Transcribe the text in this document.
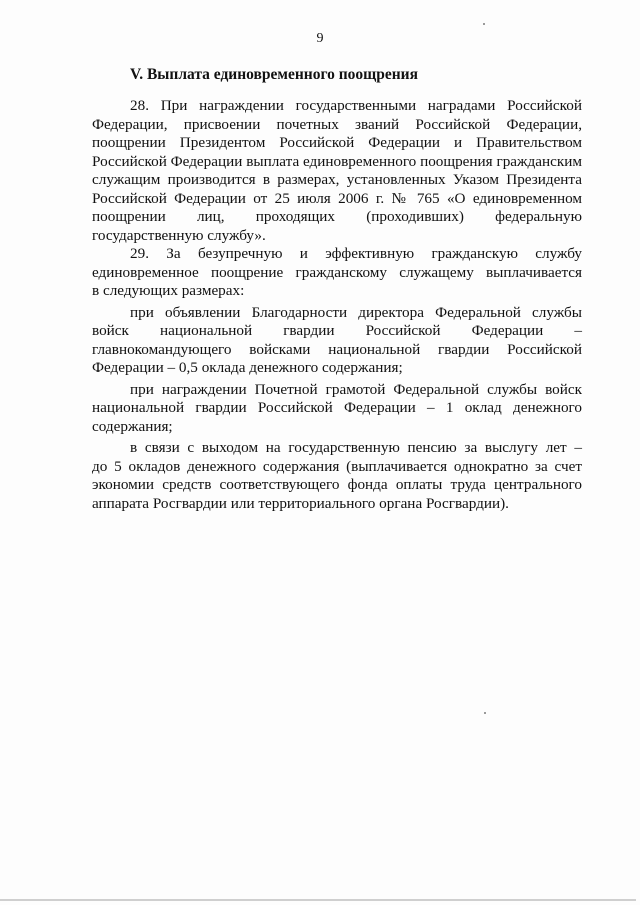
9
V. Выплата единовременного поощрения
28. При награждении государственными наградами Российской
Федерации, присвоении почетных званий Российской Федерации,
поощрении Президентом Российской Федерации и Правительством
Российской Федерации выплата единовременного поощрения гражданским
служащим производится в размерах, установленных Указом Президента
Российской Федерации от 25 июля 2006 г. № 765 «О единовременном
поощрении лиц, проходящих (проходивших) федеральную
государственную службу».
29. За безупречную и эффективную гражданскую службу
единовременное поощрение гражданскому служащему выплачивается
в следующих размерах:
при объявлении Благодарности директора Федеральной службы
войск национальной гвардии Российской Федерации –
главнокомандующего войсками национальной гвардии Российской
Федерации – 0,5 оклада денежного содержания;
при награждении Почетной грамотой Федеральной службы войск
национальной гвардии Российской Федерации – 1 оклад денежного
содержания;
в связи с выходом на государственную пенсию за выслугу лет –
до 5 окладов денежного содержания (выплачивается однократно за счет
экономии средств соответствующего фонда оплаты труда центрального
аппарата Росгвардии или территориального органа Росгвардии).
